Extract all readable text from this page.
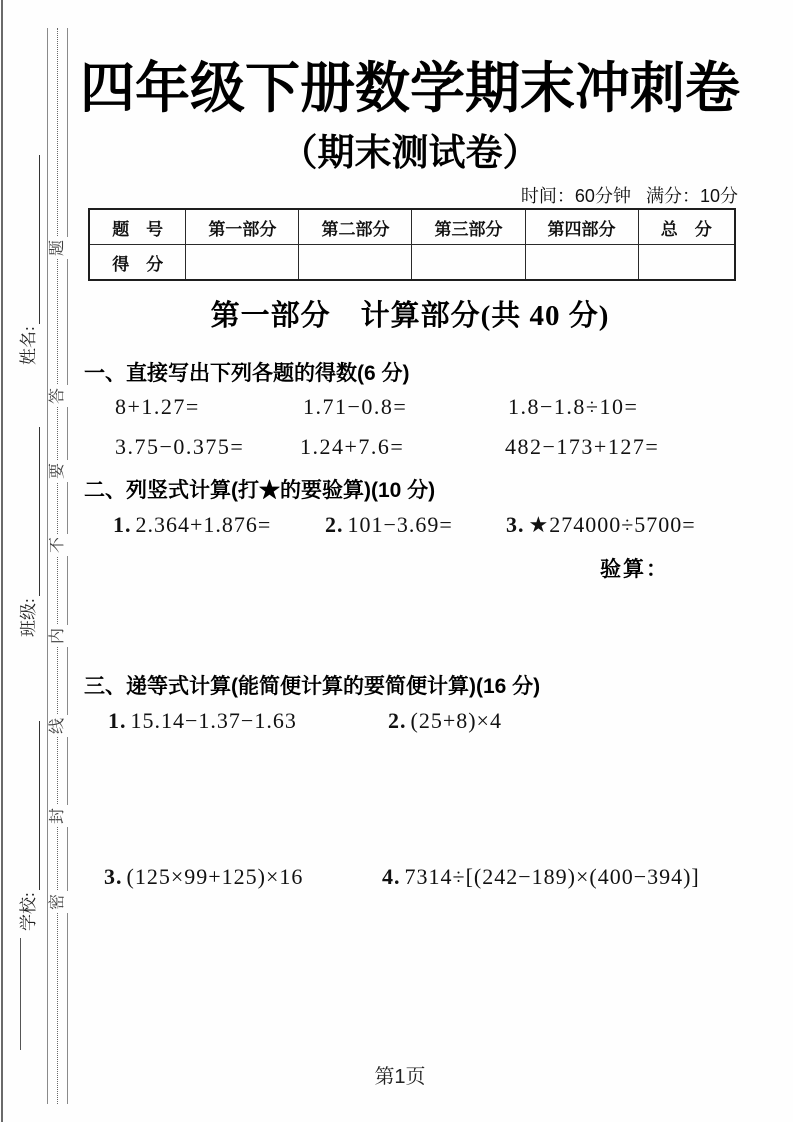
题
答
要
不
内
线
封
密
姓名:
班级:
学校:
四年级下册数学期末冲刺卷
（期末测试卷）
时间：60分钟 满分：10分
题　号	第一部分	第二部分	第三部分	第四部分	总　分
得　分					
第一部分　计算部分(共 40 分)
一、直接写出下列各题的得数(6 分)
8+1.27=	1.71−0.8=	1.8−1.8÷10=
3.75−0.375=	1.24+7.6=	482−173+127=
二、列竖式计算(打★的要验算)(10 分)
1. 2.364+1.876= 2. 101−3.69= 3. ★274000÷5700=
验算：
三、递等式计算(能简便计算的要简便计算)(16 分)
1. 15.14−1.37−1.63	2. (25+8)×4
3. (125×99+125)×16	4. 7314÷[(242−189)×(400−394)]
第1页
